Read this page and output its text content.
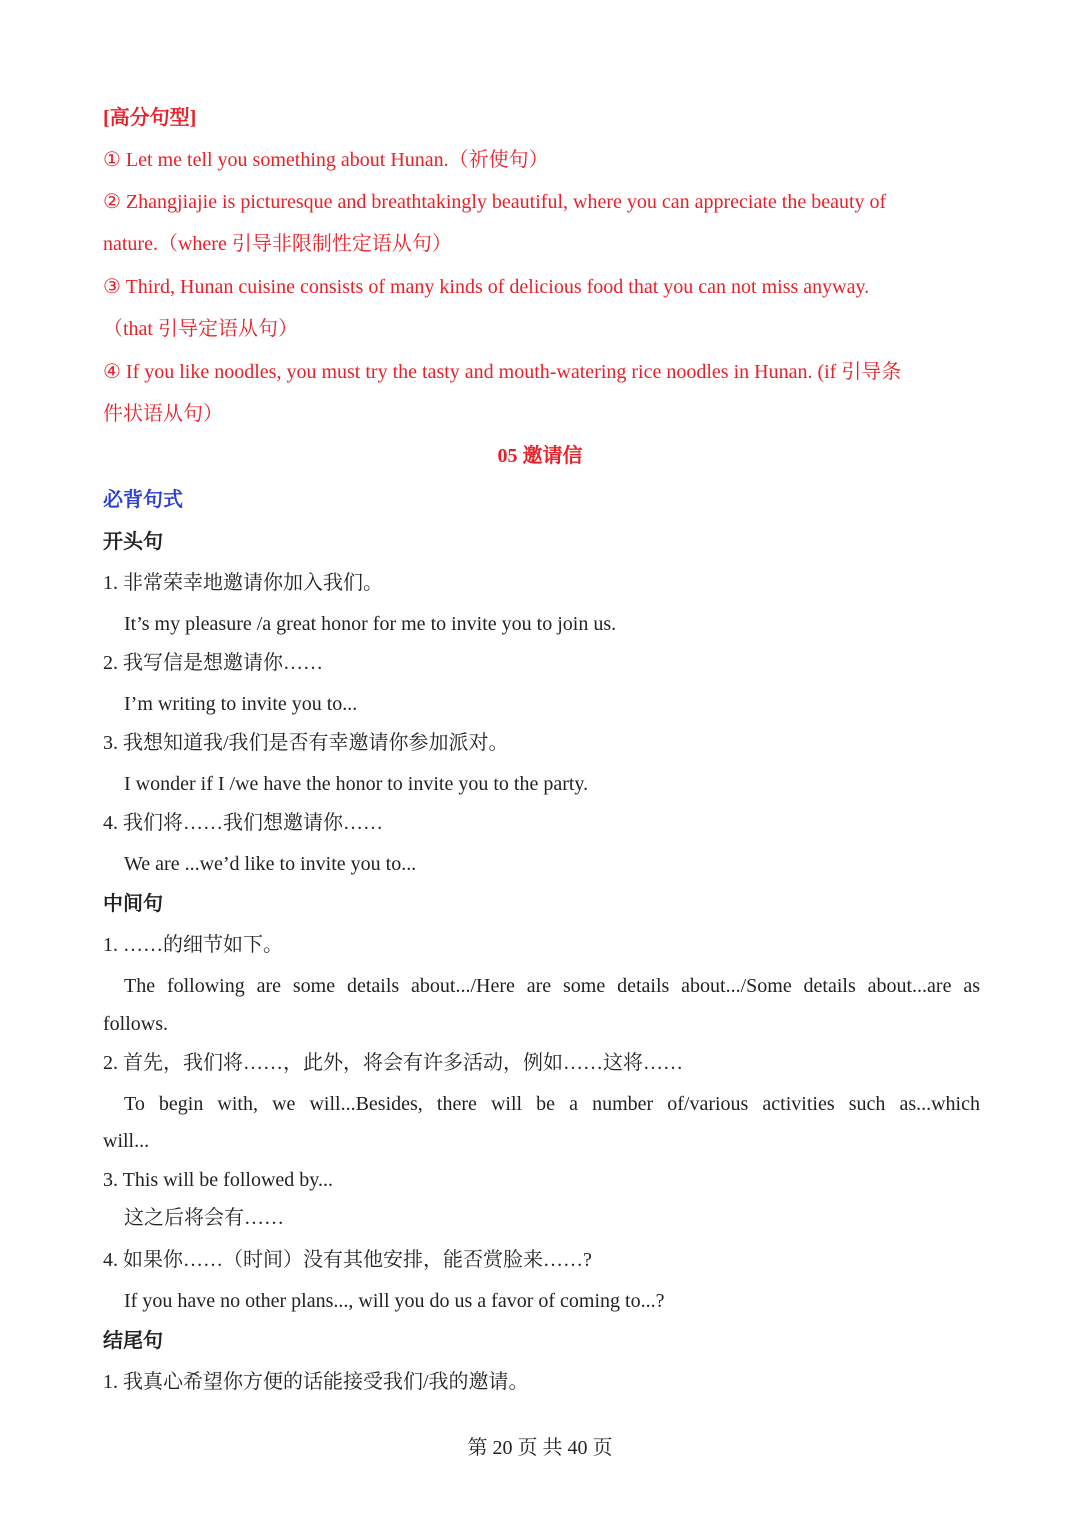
[高分句型]
① Let me tell you something about Hunan.（祈使句）
② Zhangjiajie is picturesque and breathtakingly beautiful, where you can appreciate the beauty of
nature.（where 引导非限制性定语从句）
③ Third, Hunan cuisine consists of many kinds of delicious food that you can not miss anyway.
（that 引导定语从句）
④ If you like noodles, you must try the tasty and mouth-watering rice noodles in Hunan. (if 引导条
件状语从句）
05 邀请信
必背句式
开头句
1. 非常荣幸地邀请你加入我们。
It’s my pleasure /a great honor for me to invite you to join us.
2. 我写信是想邀请你……
I’m writing to invite you to...
3. 我想知道我/我们是否有幸邀请你参加派对。
I wonder if I /we have the honor to invite you to the party.
4. 我们将……我们想邀请你……
We are ...we’d like to invite you to...
中间句
1. ……的细节如下。
The following are some details about.../Here are some details about.../Some details about...are as
follows.
2. 首先，我们将……，此外，将会有许多活动，例如……这将……
To begin with, we will...Besides, there will be a number of/various activities such as...which
will...
3. This will be followed by...
这之后将会有……
4. 如果你……（时间）没有其他安排，能否赏脸来……?
If you have no other plans..., will you do us a favor of coming to...?
结尾句
1. 我真心希望你方便的话能接受我们/我的邀请。
第 20 页 共 40 页
